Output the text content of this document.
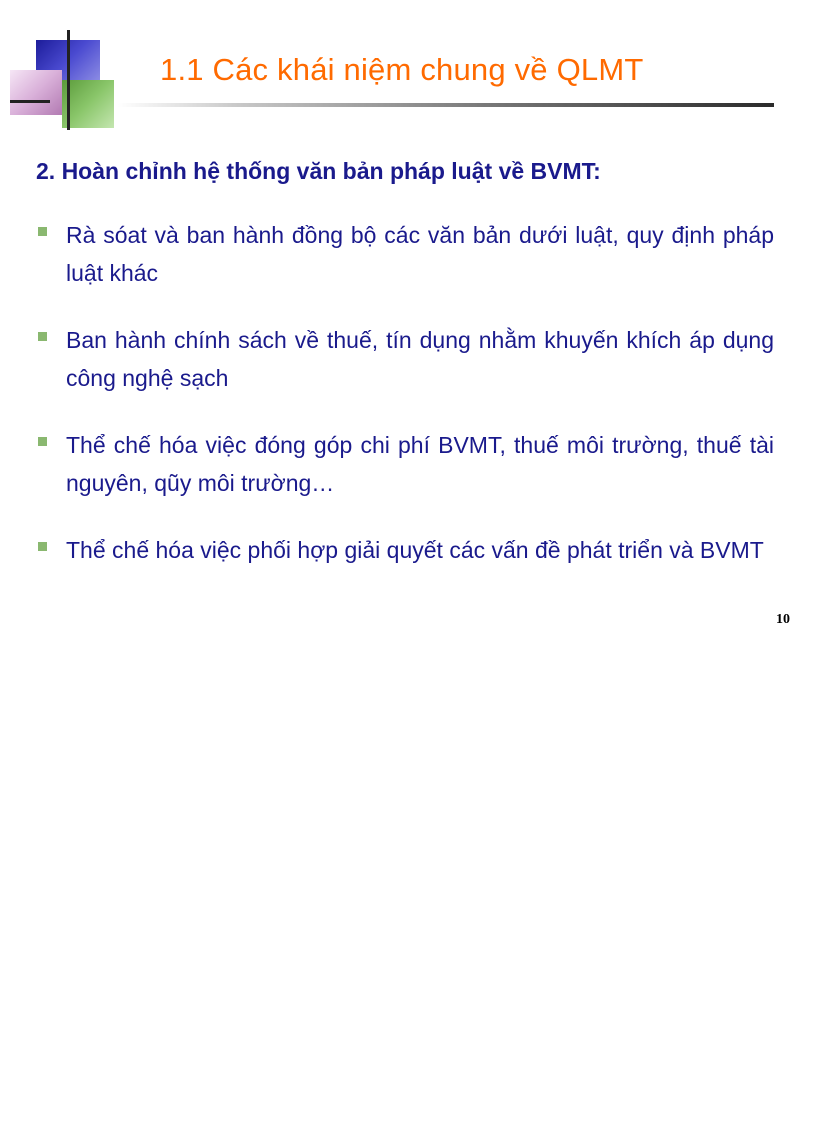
1.1 Các khái niệm chung về QLMT
2. Hoàn chỉnh hệ thống văn bản pháp luật về BVMT:
Rà sóat và ban hành đồng bộ các văn bản dưới luật, quy định pháp luật khác
Ban hành chính sách về thuế, tín dụng nhằm khuyến khích áp dụng công nghệ sạch
Thể chế hóa việc đóng góp chi phí BVMT, thuế môi trường, thuế tài nguyên, qũy môi trường…
Thể chế hóa việc phối hợp giải quyết các vấn đề phát triển và BVMT
10
